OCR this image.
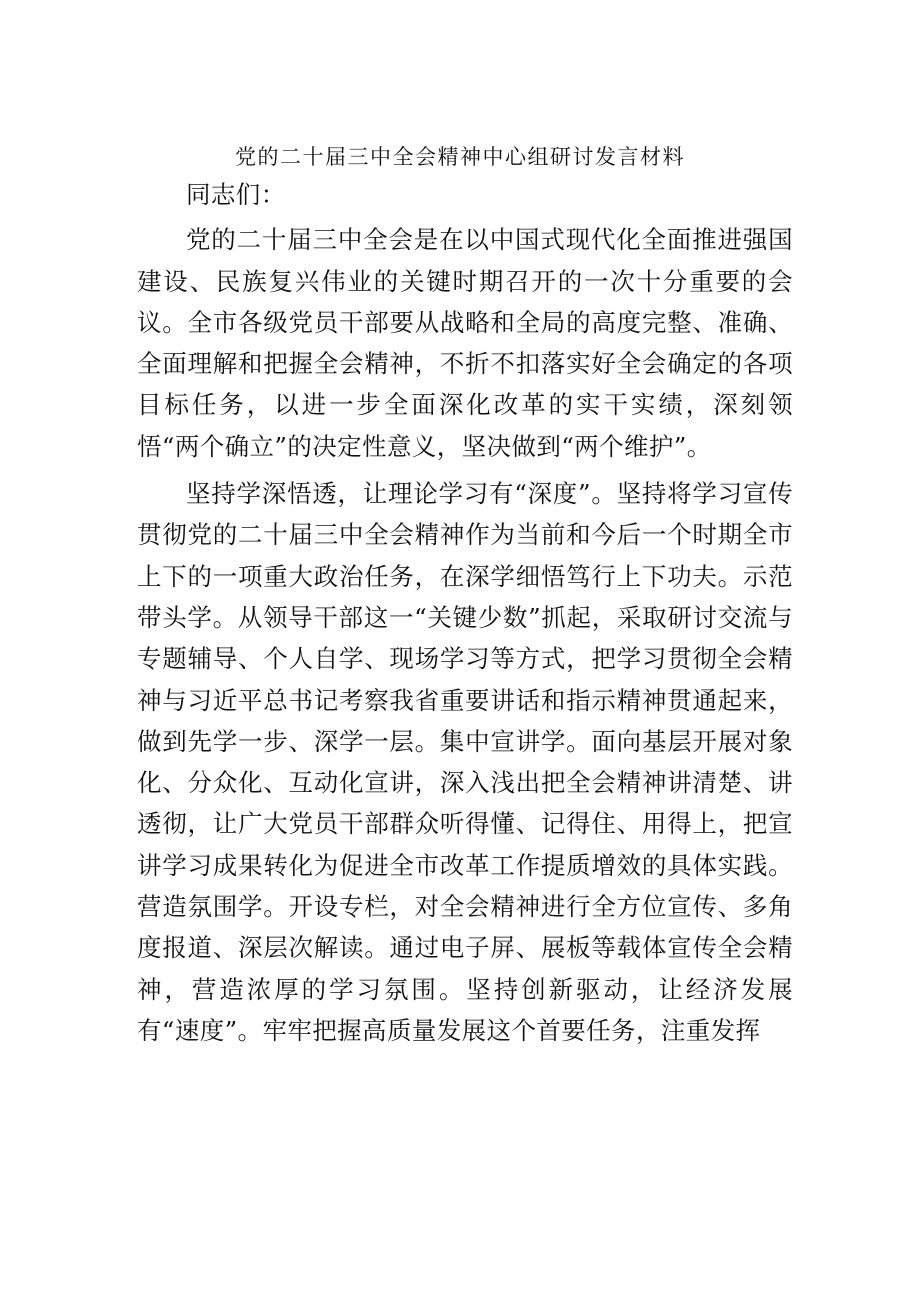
党的二十届三中全会精神中心组研讨发言材料

同志们：

党的二十届三中全会是在以中国式现代化全面推进强国建设、民族复兴伟业的关键时期召开的一次十分重要的会议。全市各级党员干部要从战略和全局的高度完整、准确、全面理解和把握全会精神，不折不扣落实好全会确定的各项目标任务，以进一步全面深化改革的实干实绩，深刻领悟“两个确立”的决定性意义，坚决做到“两个维护”。

坚持学深悟透，让理论学习有“深度”。坚持将学习宣传贯彻党的二十届三中全会精神作为当前和今后一个时期全市上下的一项重大政治任务，在深学细悟笃行上下功夫。示范带头学。从领导干部这一“关键少数”抓起，采取研讨交流与专题辅导、个人自学、现场学习等方式，把学习贯彻全会精神与习近平总书记考察我省重要讲话和指示精神贯通起来，做到先学一步、深学一层。集中宣讲学。面向基层开展对象化、分众化、互动化宣讲，深入浅出把全会精神讲清楚、讲透彻，让广大党员干部群众听得懂、记得住、用得上，把宣讲学习成果转化为促进全市改革工作提质增效的具体实践。营造氛围学。开设专栏，对全会精神进行全方位宣传、多角度报道、深层次解读。通过电子屏、展板等载体宣传全会精神，营造浓厚的学习氛围。坚持创新驱动，让经济发展有“速度”。牢牢把握高质量发展这个首要任务，注重发挥
